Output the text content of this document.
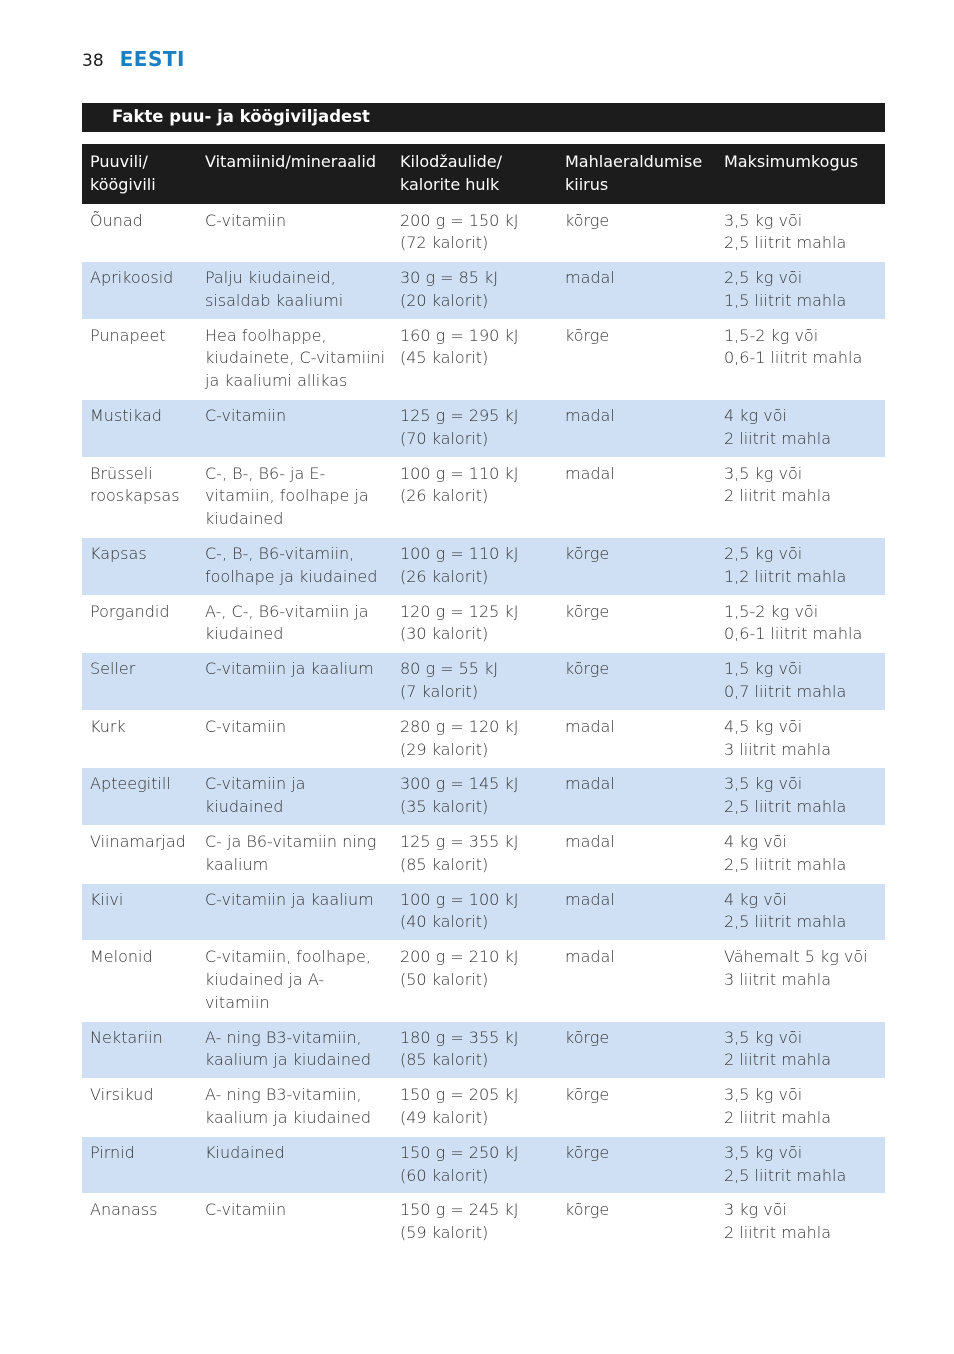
38 EESTI
Fakte puu- ja köögiviljadest
Puuvili/
köögivili	Vitamiinid/mineraalid	Kilodžaulide/
kalorite hulk	Mahlaeraldumise
kiirus	Maksimumkogus

Õunad	C-vitamiin	200 g = 150 kJ
(72 kalorit)	kõrge	3,5 kg või
2,5 liitrit mahla

Aprikoosid	Palju kiudaineid,
sisaldab kaaliumi	30 g = 85 kJ
(20 kalorit)	madal	2,5 kg või
1,5 liitrit mahla

Punapeet	Hea foolhappe,
kiudainete, C-vitamiini
ja kaaliumi allikas	160 g = 190 kJ
(45 kalorit)	kõrge	1,5-2 kg või
0,6-1 liitrit mahla

Mustikad	C-vitamiin	125 g = 295 kJ
(70 kalorit)	madal	4 kg või
2 liitrit mahla

Brüsseli
rooskapsas	C-, B-, B6- ja E-
vitamiin, foolhape ja
kiudained	100 g = 110 kJ
(26 kalorit)	madal	3,5 kg või
2 liitrit mahla

Kapsas	C-, B-, B6-vitamiin,
foolhape ja kiudained	100 g = 110 kJ
(26 kalorit)	kõrge	2,5 kg või
1,2 liitrit mahla

Porgandid	A-, C-, B6-vitamiin ja
kiudained	120 g = 125 kJ
(30 kalorit)	kõrge	1,5-2 kg või
0,6-1 liitrit mahla

Seller	C-vitamiin ja kaalium	80 g = 55 kJ
(7 kalorit)	kõrge	1,5 kg või
0,7 liitrit mahla

Kurk	C-vitamiin	280 g = 120 kJ
(29 kalorit)	madal	4,5 kg või
3 liitrit mahla

Apteegitill	C-vitamiin ja
kiudained	300 g = 145 kJ
(35 kalorit)	madal	3,5 kg või
2,5 liitrit mahla

Viinamarjad	C- ja B6-vitamiin ning
kaalium	125 g = 355 kJ
(85 kalorit)	madal	4 kg või
2,5 liitrit mahla

Kiivi	C-vitamiin ja kaalium	100 g = 100 kJ
(40 kalorit)	madal	4 kg või
2,5 liitrit mahla

Melonid	C-vitamiin, foolhape,
kiudained ja A-
vitamiin	200 g = 210 kJ
(50 kalorit)	madal	Vähemalt 5 kg või
3 liitrit mahla

Nektariin	A- ning B3-vitamiin,
kaalium ja kiudained	180 g = 355 kJ
(85 kalorit)	kõrge	3,5 kg või
2 liitrit mahla

Virsikud	A- ning B3-vitamiin,
kaalium ja kiudained	150 g = 205 kJ
(49 kalorit)	kõrge	3,5 kg või
2 liitrit mahla

Pirnid	Kiudained	150 g = 250 kJ
(60 kalorit)	kõrge	3,5 kg või
2,5 liitrit mahla

Ananass	C-vitamiin	150 g = 245 kJ
(59 kalorit)	kõrge	3 kg või
2 liitrit mahla
